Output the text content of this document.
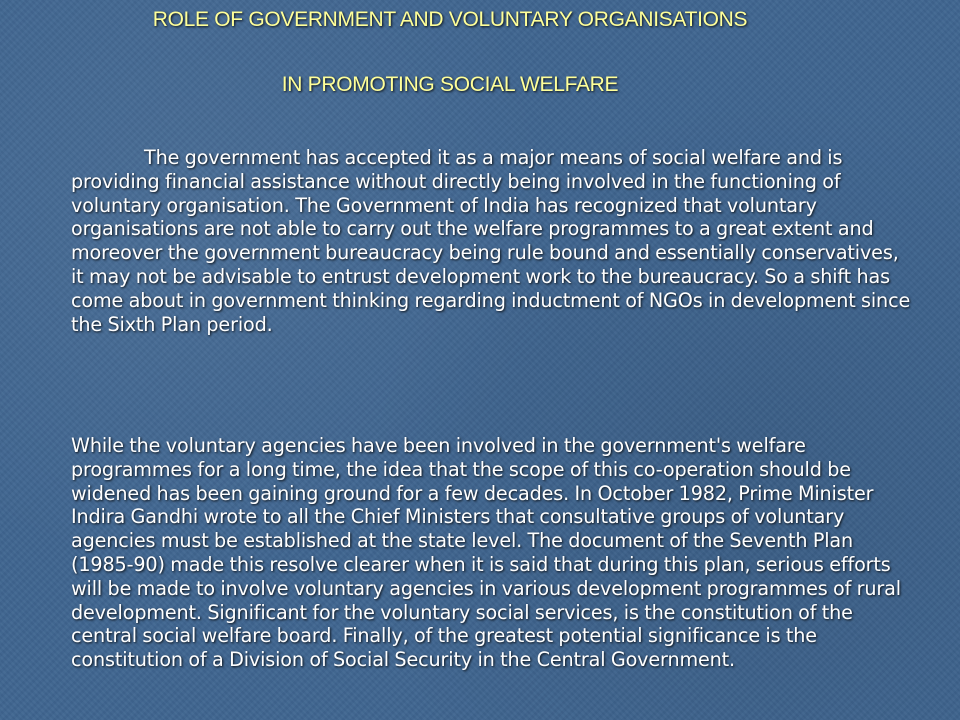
ROLE OF GOVERNMENT AND VOLUNTARY ORGANISATIONS
IN PROMOTING SOCIAL WELFARE

The government has accepted it as a major means of social welfare and is providing financial assistance without directly being involved in the functioning of voluntary organisation. The Government of India has recognized that voluntary organisations are not able to carry out the welfare programmes to a great extent and moreover the government bureaucracy being rule bound and essentially conservatives, it may not be advisable to entrust development work to the bureaucracy. So a shift has come about in government thinking regarding inductment of NGOs in development since the Sixth Plan period.

While the voluntary agencies have been involved in the government's welfare programmes for a long time, the idea that the scope of this co-operation should be widened has been gaining ground for a few decades. In October 1982, Prime Minister Indira Gandhi wrote to all the Chief Ministers that consultative groups of voluntary agencies must be established at the state level. The document of the Seventh Plan (1985-90) made this resolve clearer when it is said that during this plan, serious efforts will be made to involve voluntary agencies in various development programmes of rural development. Significant for the voluntary social services, is the constitution of the central social welfare board. Finally, of the greatest potential significance is the constitution of a Division of Social Security in the Central Government.
